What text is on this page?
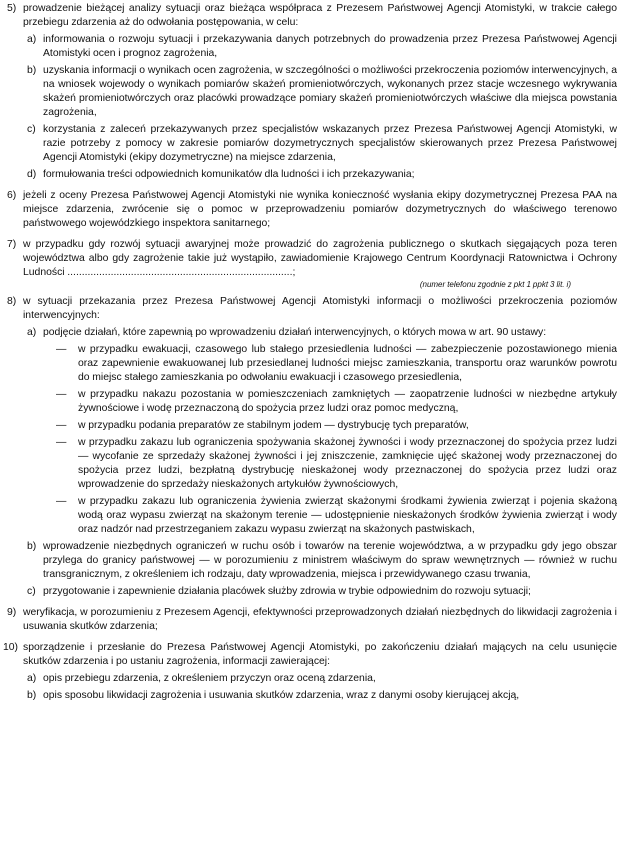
5) prowadzenie bieżącej analizy sytuacji oraz bieżąca współpraca z Prezesem Państwowej Agencji Atomistyki, w trakcie całego przebiegu zdarzenia aż do odwołania postępowania, w celu:

a) informowania o rozwoju sytuacji i przekazywania danych potrzebnych do prowadzenia przez Prezesa Państwowej Agencji Atomistyki ocen i prognoz zagrożenia,

b) uzyskania informacji o wynikach ocen zagrożenia, w szczególności o możliwości przekroczenia poziomów interwencyjnych, a na wniosek wojewody o wynikach pomiarów skażeń promieniotwórczych, wykonanych przez stacje wczesnego wykrywania skażeń promieniotwórczych oraz placówki prowadzące pomiary skażeń promieniotwórczych właściwe dla miejsca powstania zagrożenia,

c) korzystania z zaleceń przekazywanych przez specjalistów wskazanych przez Prezesa Państwowej Agencji Atomistyki, w razie potrzeby z pomocy w zakresie pomiarów dozymetrycznych specjalistów skierowanych przez Prezesa Państwowej Agencji Atomistyki (ekipy dozymetryczne) na miejsce zdarzenia,

d) formułowania treści odpowiednich komunikatów dla ludności i ich przekazywania;

6) jeżeli z oceny Prezesa Państwowej Agencji Atomistyki nie wynika konieczność wysłania ekipy dozymetrycznej Prezesa PAA na miejsce zdarzenia, zwrócenie się o pomoc w przeprowadzeniu pomiarów dozymetrycznych do właściwego terenowo państwowego wojewódzkiego inspektora sanitarnego;

7) w przypadku gdy rozwój sytuacji awaryjnej może prowadzić do zagrożenia publicznego o skutkach sięgających poza teren województwa albo gdy zagrożenie takie już wystąpiło, zawiadomienie Krajowego Centrum Koordynacji Ratownictwa i Ochrony Ludności ..............................................................................;

(numer telefonu zgodnie z pkt 1 ppkt 3 lit. i)
8) w sytuacji przekazania przez Prezesa Państwowej Agencji Atomistyki informacji o możliwości przekroczenia poziomów interwencyjnych:

a) podjęcie działań, które zapewnią po wprowadzeniu działań interwencyjnych, o których mowa w art. 90 ustawy:

— w przypadku ewakuacji, czasowego lub stałego przesiedlenia ludności — zabezpieczenie pozostawionego mienia oraz zapewnienie ewakuowanej lub przesiedlanej ludności miejsc zamieszkania, transportu oraz warunków powrotu do miejsc stałego zamieszkania po odwołaniu ewakuacji i czasowego przesiedlenia,

— w przypadku nakazu pozostania w pomieszczeniach zamkniętych — zaopatrzenie ludności w niezbędne artykuły żywnościowe i wodę przeznaczoną do spożycia przez ludzi oraz pomoc medyczną,

— w przypadku podania preparatów ze stabilnym jodem — dystrybucję tych preparatów,

— w przypadku zakazu lub ograniczenia spożywania skażonej żywności i wody przeznaczonej do spożycia przez ludzi — wycofanie ze sprzedaży skażonej żywności i jej zniszczenie, zamknięcie ujęć skażonej wody przeznaczonej do spożycia przez ludzi, bezpłatną dystrybucję nieskażonej wody przeznaczonej do spożycia przez ludzi oraz wprowadzenie do sprzedaży nieskażonych artykułów żywnościowych,

— w przypadku zakazu lub ograniczenia żywienia zwierząt skażonymi środkami żywienia zwierząt i pojenia skażoną wodą oraz wypasu zwierząt na skażonym terenie — udostępnienie nieskażonych środków żywienia zwierząt i wody oraz nadzór nad przestrzeganiem zakazu wypasu zwierząt na skażonych pastwiskach,

b) wprowadzenie niezbędnych ograniczeń w ruchu osób i towarów na terenie województwa, a w przypadku gdy jego obszar przylega do granicy państwowej — w porozumieniu z ministrem właściwym do spraw wewnętrznych — również w ruchu transgranicznym, z określeniem ich rodzaju, daty wprowadzenia, miejsca i przewidywanego czasu trwania,

c) przygotowanie i zapewnienie działania placówek służby zdrowia w trybie odpowiednim do rozwoju sytuacji;

9) weryfikacja, w porozumieniu z Prezesem Agencji, efektywności przeprowadzonych działań niezbędnych do likwidacji zagrożenia i usuwania skutków zdarzenia;

10) sporządzenie i przesłanie do Prezesa Państwowej Agencji Atomistyki, po zakończeniu działań mających na celu usunięcie skutków zdarzenia i po ustaniu zagrożenia, informacji zawierającej:

a) opis przebiegu zdarzenia, z określeniem przyczyn oraz oceną zdarzenia,

b) opis sposobu likwidacji zagrożenia i usuwania skutków zdarzenia, wraz z danymi osoby kierującej akcją,
